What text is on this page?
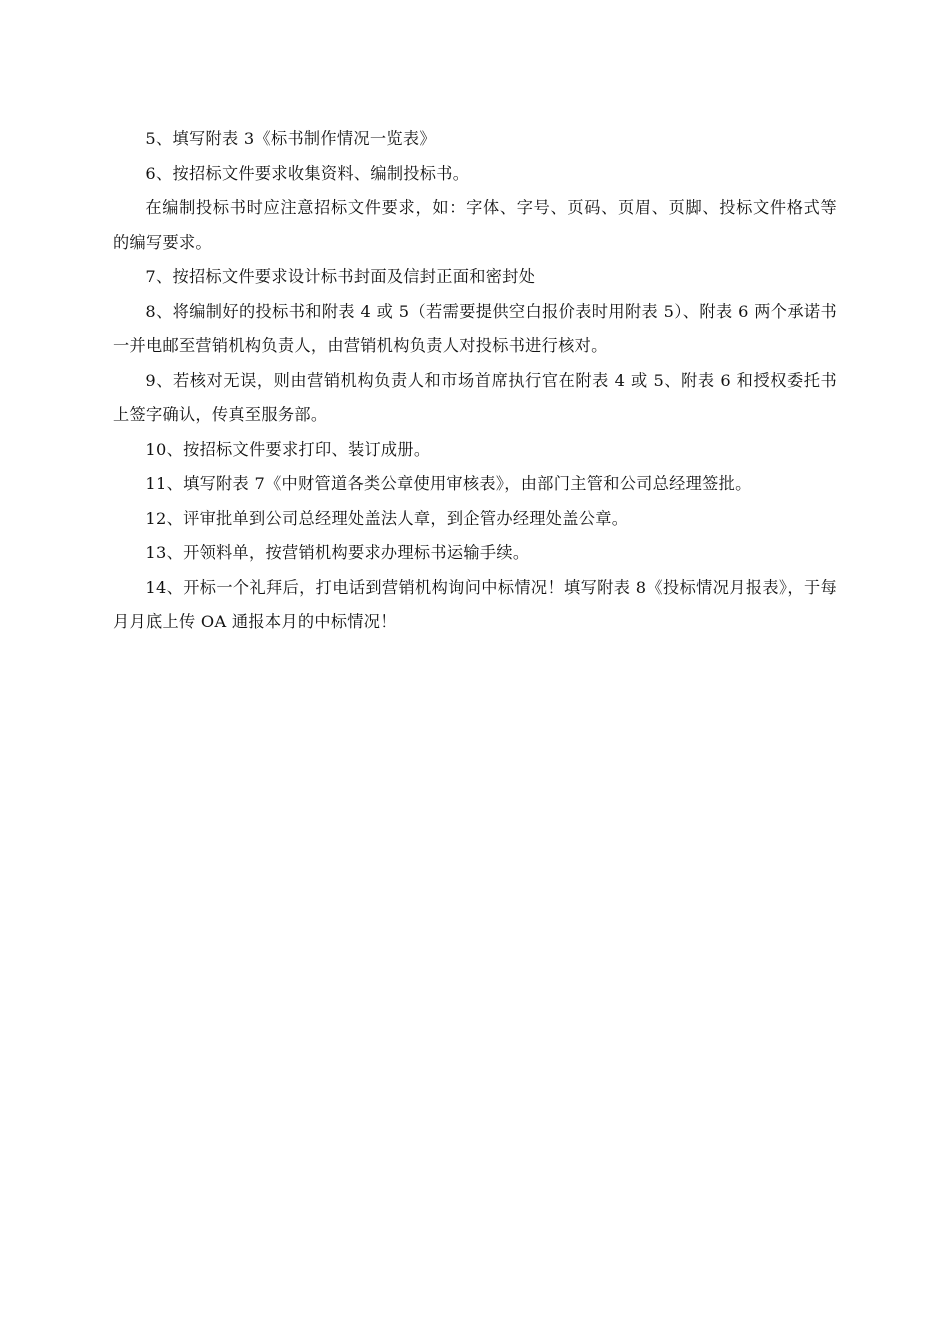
5、填写附表 3《标书制作情况一览表》

6、按招标文件要求收集资料、编制投标书。

在编制投标书时应注意招标文件要求，如：字体、字号、页码、页眉、页脚、投标文件格式等的编写要求。

7、按招标文件要求设计标书封面及信封正面和密封处

8、将编制好的投标书和附表 4 或 5（若需要提供空白报价表时用附表 5）、附表 6 两个承诺书一并电邮至营销机构负责人，由营销机构负责人对投标书进行核对。

9、若核对无误，则由营销机构负责人和市场首席执行官在附表 4 或 5、附表 6 和授权委托书上签字确认，传真至服务部。

10、按招标文件要求打印、装订成册。

11、填写附表 7《中财管道各类公章使用审核表》，由部门主管和公司总经理签批。

12、评审批单到公司总经理处盖法人章，到企管办经理处盖公章。

13、开领料单，按营销机构要求办理标书运输手续。

14、开标一个礼拜后，打电话到营销机构询问中标情况！填写附表 8《投标情况月报表》，于每月月底上传 OA 通报本月的中标情况！
